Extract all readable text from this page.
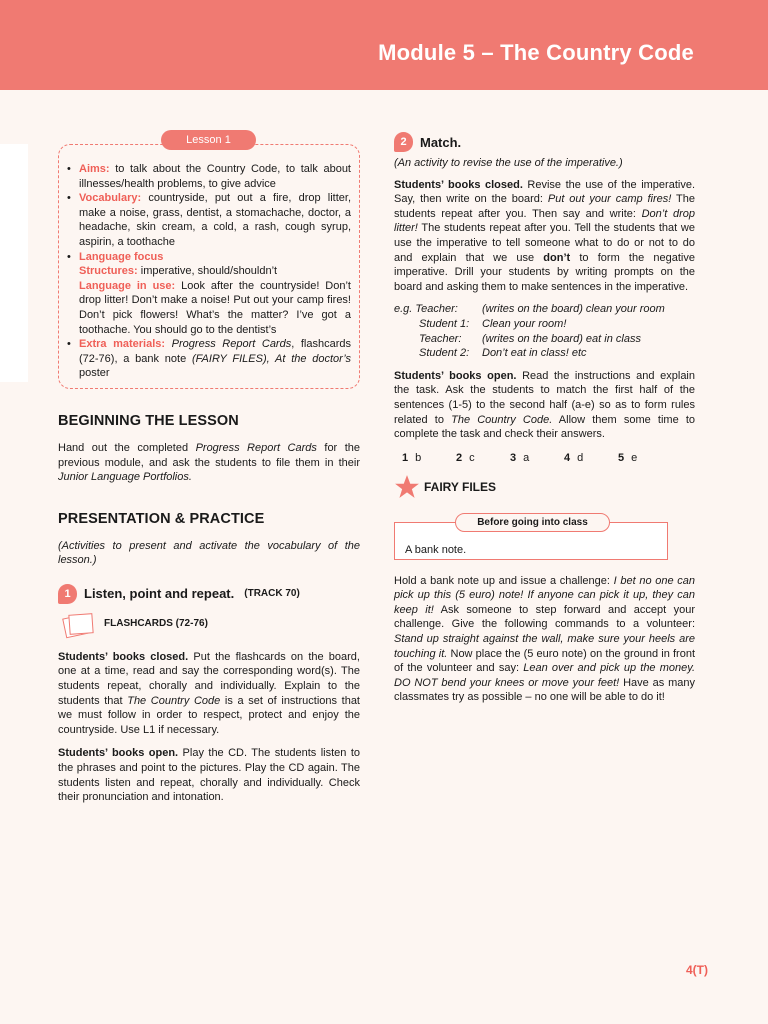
Module 5 – The Country Code
Lesson 1
• Aims: to talk about the Country Code, to talk about illnesses/health problems, to give advice
• Vocabulary: countryside, put out a fire, drop litter, make a noise, grass, dentist, a stomachache, doctor, a headache, skin cream, a cold, a rash, cough syrup, aspirin, a toothache
• Language focus
Structures: imperative, should/shouldn’t
Language in use: Look after the countryside! Don’t drop litter! Don’t make a noise! Put out your camp fires! Don’t pick flowers! What’s the matter? I’ve got a toothache. You should go to the dentist’s
• Extra materials: Progress Report Cards, flashcards (72-76), a bank note (FAIRY FILES), At the doctor’s poster
BEGINNING THE LESSON

Hand out the completed Progress Report Cards for the previous module, and ask the students to file them in their Junior Language Portfolios.

PRESENTATION & PRACTICE

(Activities to present and activate the vocabulary of the lesson.)

1	Listen, point and repeat. (TRACK 70)
FLASHCARDS (72-76)

Students’ books closed. Put the flashcards on the board, one at a time, read and say the corresponding word(s). The students repeat, chorally and individually. Explain to the students that The Country Code is a set of instructions that we must follow in order to respect, protect and enjoy the countryside. Use L1 if necessary.

Students’ books open. Play the CD. The students listen to the phrases and point to the pictures. Play the CD again. The students listen and repeat, chorally and individually. Check their pronunciation and intonation.

2	Match.

(An activity to revise the use of the imperative.)

Students’ books closed. Revise the use of the imperative. Say, then write on the board: Put out your camp fires! The students repeat after you. Then say and write: Don’t drop litter! The students repeat after you. Tell the students that we use the imperative to tell someone what to do or not to do and explain that we use don’t to form the negative imperative. Drill your students by writing prompts on the board and asking them to make sentences in the imperative.

e.g. Teacher:	(writes on the board) clean your room
Student 1:	Clean your room!
Teacher:	(writes on the board) eat in class
Student 2:	Don’t eat in class! etc

Students’ books open. Read the instructions and explain the task. Ask the students to match the first half of the sentences (1-5) to the second half (a-e) so as to form rules related to The Country Code. Allow them some time to complete the task and check their answers.

1 b	2 c	3 a	4 d	5 e
FAIRY FILES
Before going into class
A bank note.

Hold a bank note up and issue a challenge: I bet no one can pick up this (5 euro) note! If anyone can pick it up, they can keep it! Ask someone to step forward and accept your challenge. Give the following commands to a volunteer: Stand up straight against the wall, make sure your heels are touching it. Now place the (5 euro note) on the ground in front of the volunteer and say: Lean over and pick up the money. DO NOT bend your knees or move your feet! Have as many classmates try as possible – no one will be able to do it!

4(T)
